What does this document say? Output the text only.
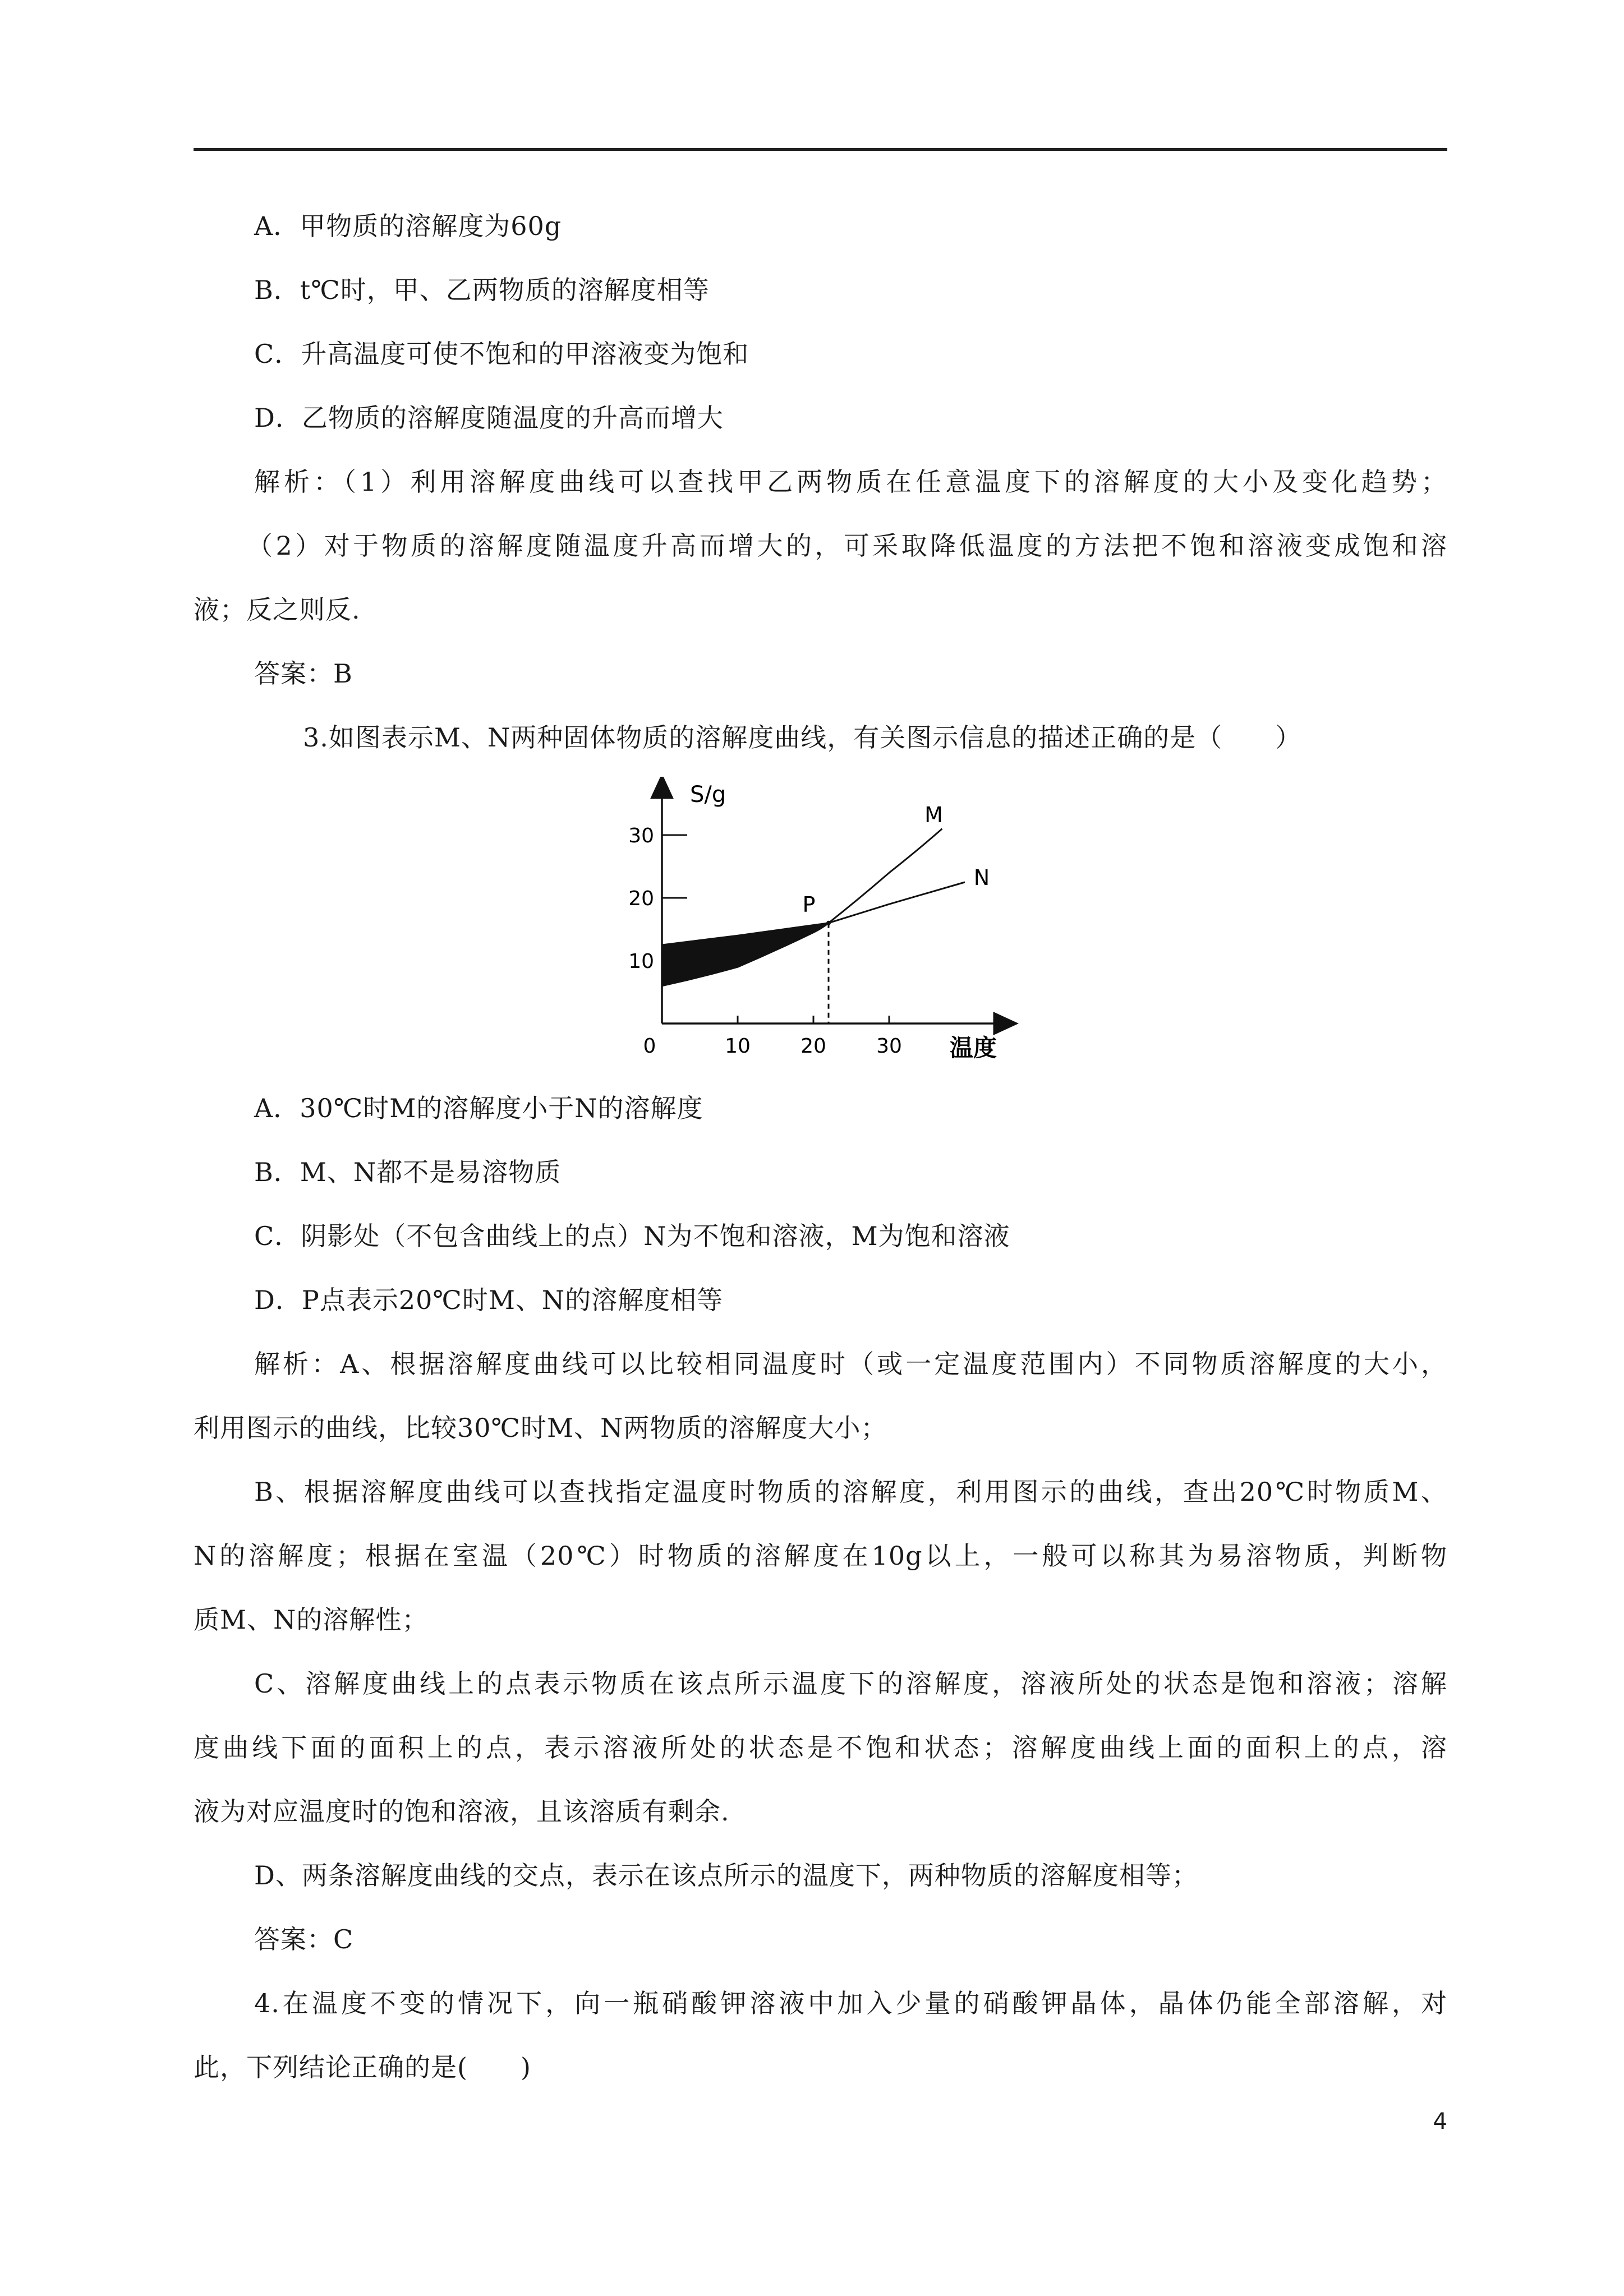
A．甲物质的溶解度为60g
B．t℃时，甲、乙两物质的溶解度相等
C．升高温度可使不饱和的甲溶液变为饱和
D．乙物质的溶解度随温度的升高而增大
解析：（1）利用溶解度曲线可以查找甲乙两物质在任意温度下的溶解度的大小及变化趋势；
（2）对于物质的溶解度随温度升高而增大的，可采取降低温度的方法把不饱和溶液变成饱和溶
液；反之则反.
答案：B
3.如图表示M、N两种固体物质的溶解度曲线，有关图示信息的描述正确的是（　　）
0	10 20 30
30
20
10
S/g
温度
M
N
P
A．30℃时M的溶解度小于N的溶解度
B．M、N都不是易溶物质
C．阴影处（不包含曲线上的点）N为不饱和溶液，M为饱和溶液
D．P点表示20℃时M、N的溶解度相等
解析：A、根据溶解度曲线可以比较相同温度时（或一定温度范围内）不同物质溶解度的大小，
利用图示的曲线，比较30℃时M、N两物质的溶解度大小；
B、根据溶解度曲线可以查找指定温度时物质的溶解度，利用图示的曲线，查出20℃时物质M、
N的溶解度；根据在室温（20℃）时物质的溶解度在10g以上，一般可以称其为易溶物质，判断物
质M、N的溶解性；
C、溶解度曲线上的点表示物质在该点所示温度下的溶解度，溶液所处的状态是饱和溶液；溶解
度曲线下面的面积上的点，表示溶液所处的状态是不饱和状态；溶解度曲线上面的面积上的点，溶
液为对应温度时的饱和溶液，且该溶质有剩余.
D、两条溶解度曲线的交点，表示在该点所示的温度下，两种物质的溶解度相等；
答案：C
4.在温度不变的情况下，向一瓶硝酸钾溶液中加入少量的硝酸钾晶体，晶体仍能全部溶解，对
此，下列结论正确的是(　　)
4
